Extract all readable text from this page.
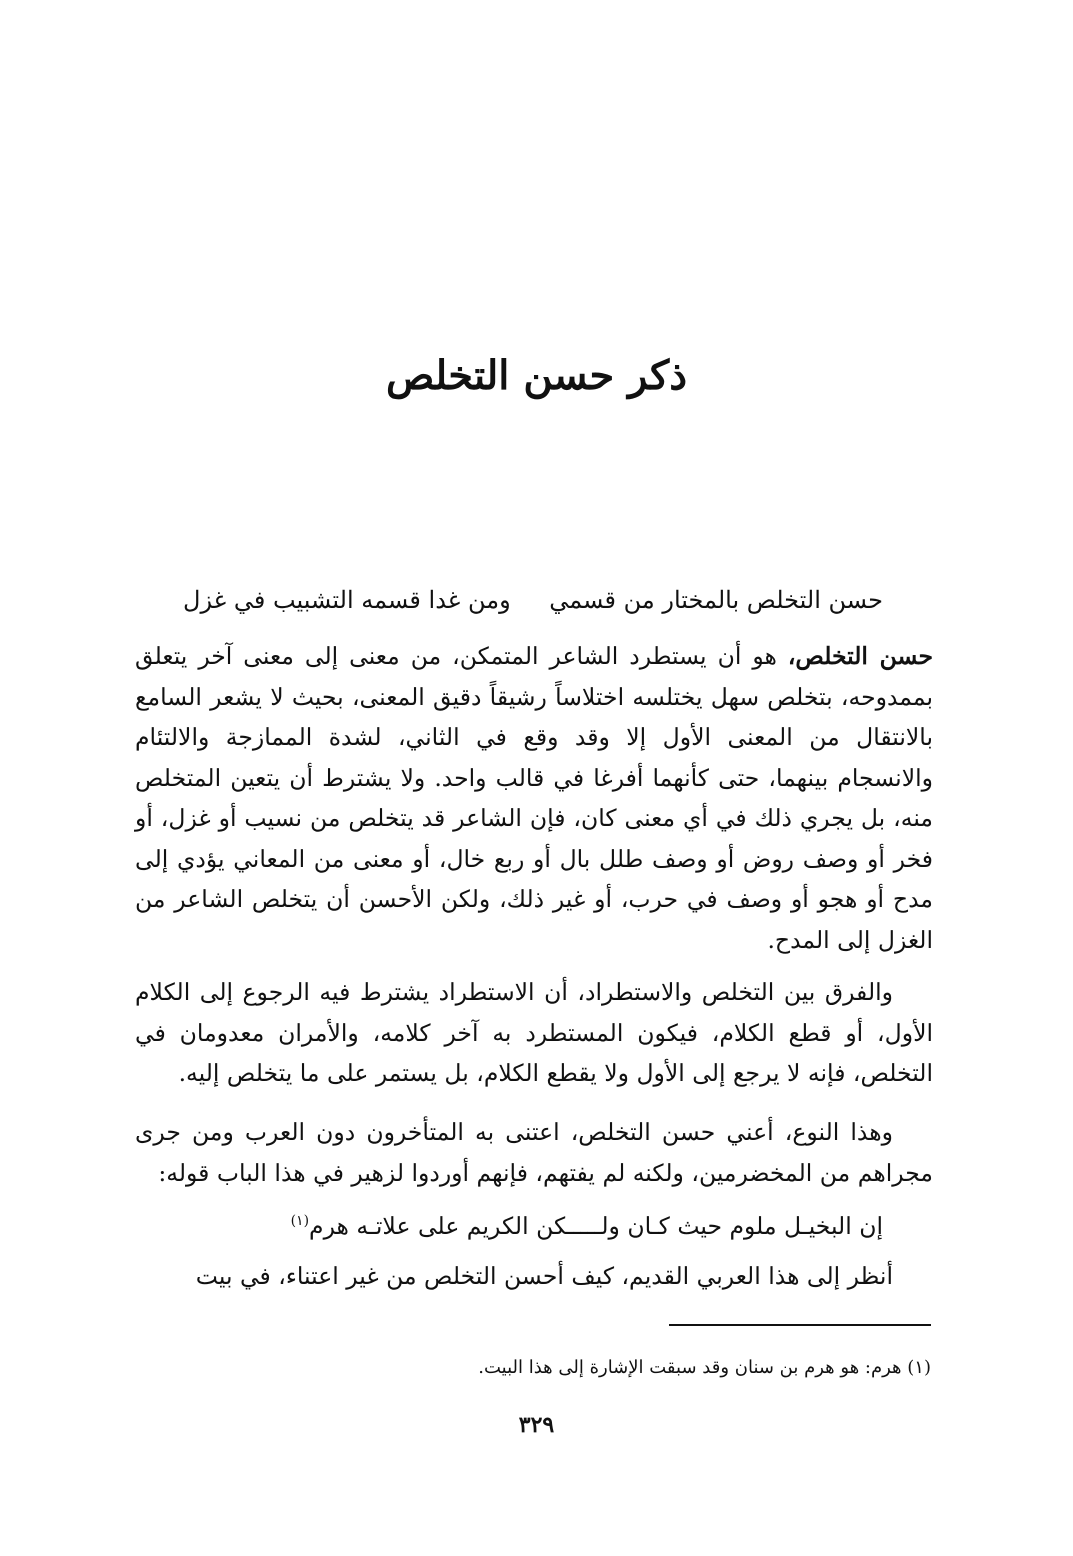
ذكر حسن التخلص
حسن التخلص بالمختار من قسمي
ومن غدا قسمه التشبيب في غزل

حسن التخلص، هو أن يستطرد الشاعر المتمكن، من معنى إلى معنى آخر يتعلق بممدوحه، بتخلص سهل يختلسه اختلاساً رشيقاً دقيق المعنى، بحيث لا يشعر السامع بالانتقال من المعنى الأول إلا وقد وقع في الثاني، لشدة الممازجة والالتئام والانسجام بينهما، حتى كأنهما أفرغا في قالب واحد. ولا يشترط أن يتعين المتخلص منه، بل يجري ذلك في أي معنى كان، فإن الشاعر قد يتخلص من نسيب أو غزل، أو فخر أو وصف روض أو وصف طلل بال أو ربع خال، أو معنى من المعاني يؤدي إلى مدح أو هجو أو وصف في حرب، أو غير ذلك، ولكن الأحسن أن يتخلص الشاعر من الغزل إلى المدح.

والفرق بين التخلص والاستطراد، أن الاستطراد يشترط فيه الرجوع إلى الكلام الأول، أو قطع الكلام، فيكون المستطرد به آخر كلامه، والأمران معدومان في التخلص، فإنه لا يرجع إلى الأول ولا يقطع الكلام، بل يستمر على ما يتخلص إليه.

وهذا النوع، أعني حسن التخلص، اعتنى به المتأخرون دون العرب ومن جرى مجراهم من المخضرمين، ولكنه لم يفتهم، فإنهم أوردوا لزهير في هذا الباب قوله:

إن البخيـل ملوم حيث كـان ولـــــكن الكريم على علاتـه هرم$^{(١)}$

أنظر إلى هذا العربي القديم، كيف أحسن التخلص من غير اعتناء، في بيت

(١) هرم: هو هرم بن سنان وقد سبقت الإشارة إلى هذا البيت.

٣٢٩
